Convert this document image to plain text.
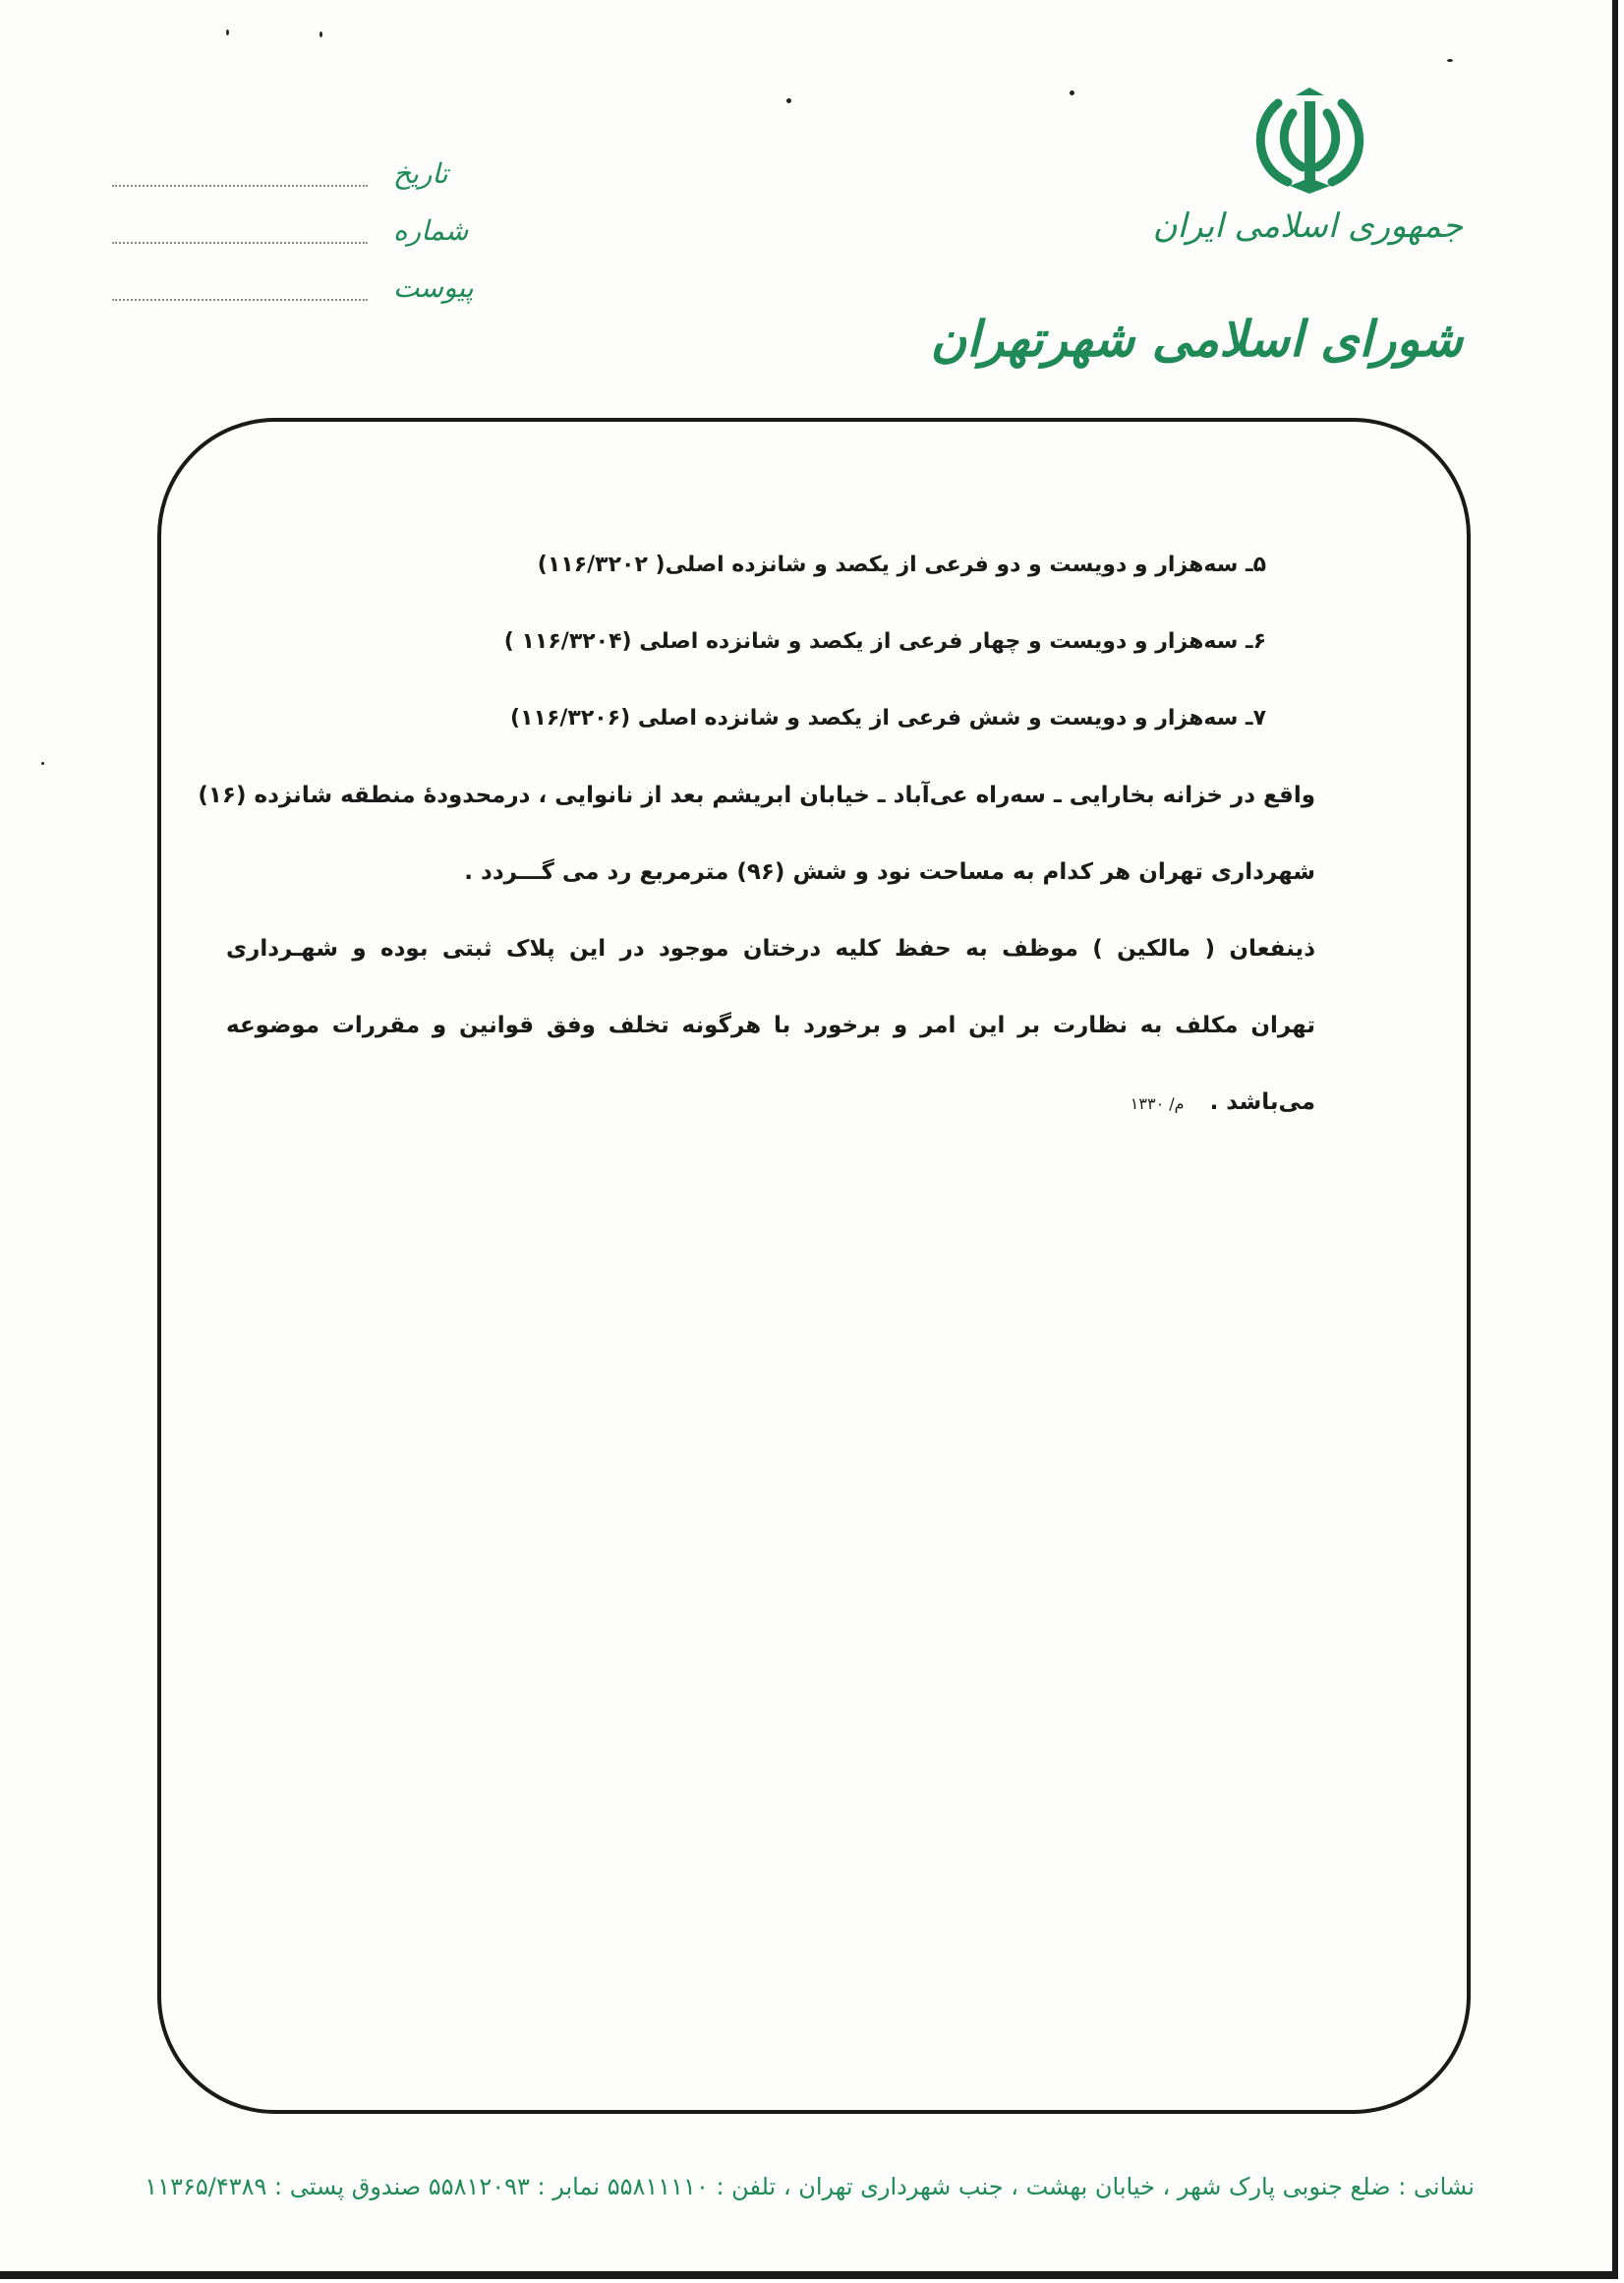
جمهوری اسلامی ایران
شورای اسلامی شهرتهران
تاریخ
شماره
پیوست
۵ـ سه‌هزار و دویست و دو فرعی از یکصد و شانزده اصلی( ۱۱۶/۳۲۰۲)
۶ـ سه‌هزار و دویست و چهار فرعی از یکصد و شانزده اصلی (۱۱۶/۳۲۰۴ )
۷ـ سه‌هزار و دویست و شش فرعی از یکصد و شانزده اصلی (۱۱۶/۳۲۰۶)
واقع در خزانه بخارایی ـ سه‌راه عی‌آباد ـ خیابان ابریشم بعد از نانوایی ، درمحدودهٔ منطقه شانزده (۱۶)
شهرداری تهران هر کدام به مساحت نود و شش (۹۶) مترمربع رد می گـــردد .
ذینفعان ( مالکین ) موظف به حفظ کلیه درختان موجود در این پلاک ثبتی بوده و شهـرداری
تهران مکلف به نظارت بر این امر و برخورد با هرگونه تخلف وفق قوانین و مقررات موضوعه
می‌باشد . م/ ۱۳۳۰
نشانی : ضلع جنوبی پارک شهر ، خیابان بهشت ، جنب شهرداری تهران ، تلفن : ۵۵۸۱۱۱۱۰ نمابر : ۵۵۸۱۲۰۹۳ صندوق پستی : ۱۱۳۶۵/۴۳۸۹
